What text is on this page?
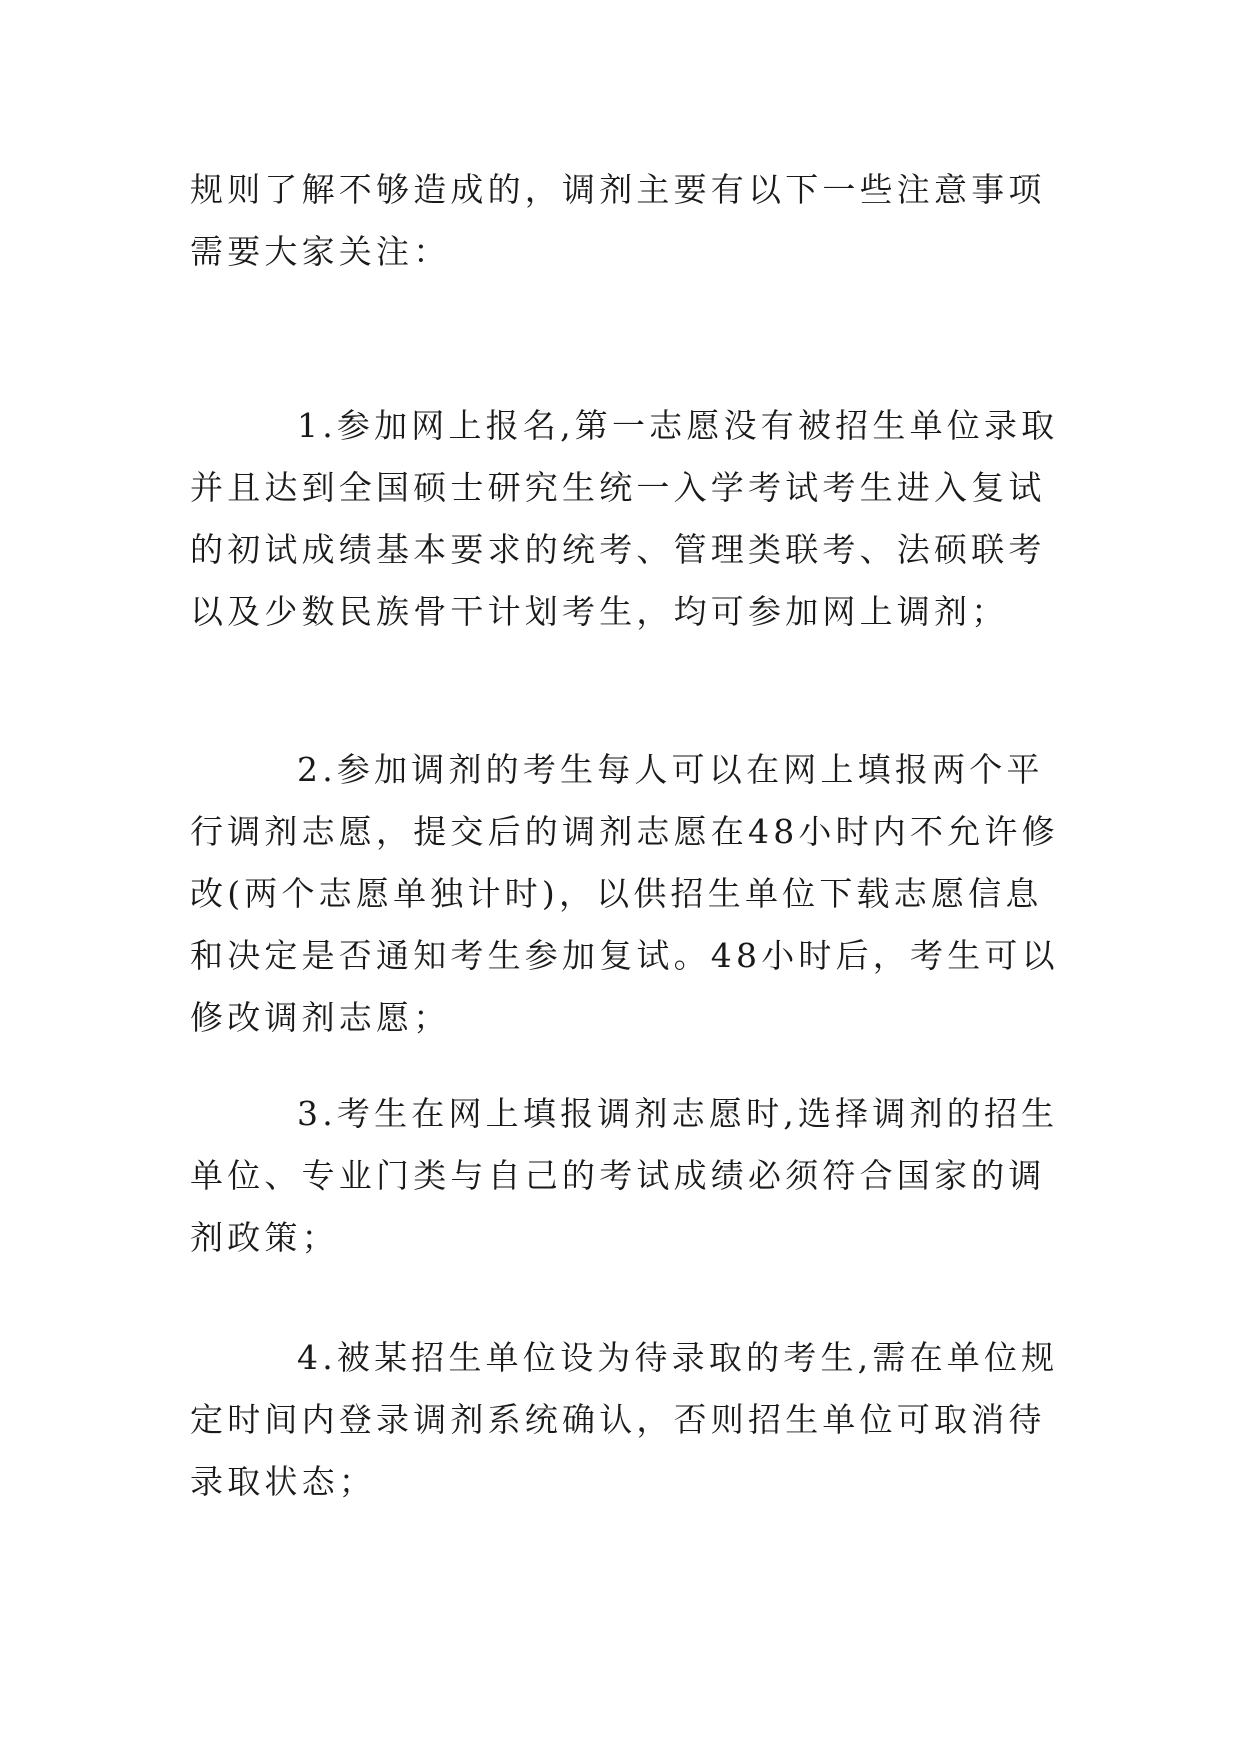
规则了解不够造成的，调剂主要有以下一些注意事项需要大家关注：

1.参加网上报名,第一志愿没有被招生单位录取并且达到全国硕士研究生统一入学考试考生进入复试的初试成绩基本要求的统考、管理类联考、法硕联考以及少数民族骨干计划考生，均可参加网上调剂；

2.参加调剂的考生每人可以在网上填报两个平行调剂志愿，提交后的调剂志愿在48小时内不允许修改(两个志愿单独计时)，以供招生单位下载志愿信息和决定是否通知考生参加复试。48小时后，考生可以修改调剂志愿；

3.考生在网上填报调剂志愿时,选择调剂的招生单位、专业门类与自己的考试成绩必须符合国家的调剂政策；

4.被某招生单位设为待录取的考生,需在单位规定时间内登录调剂系统确认，否则招生单位可取消待录取状态；
